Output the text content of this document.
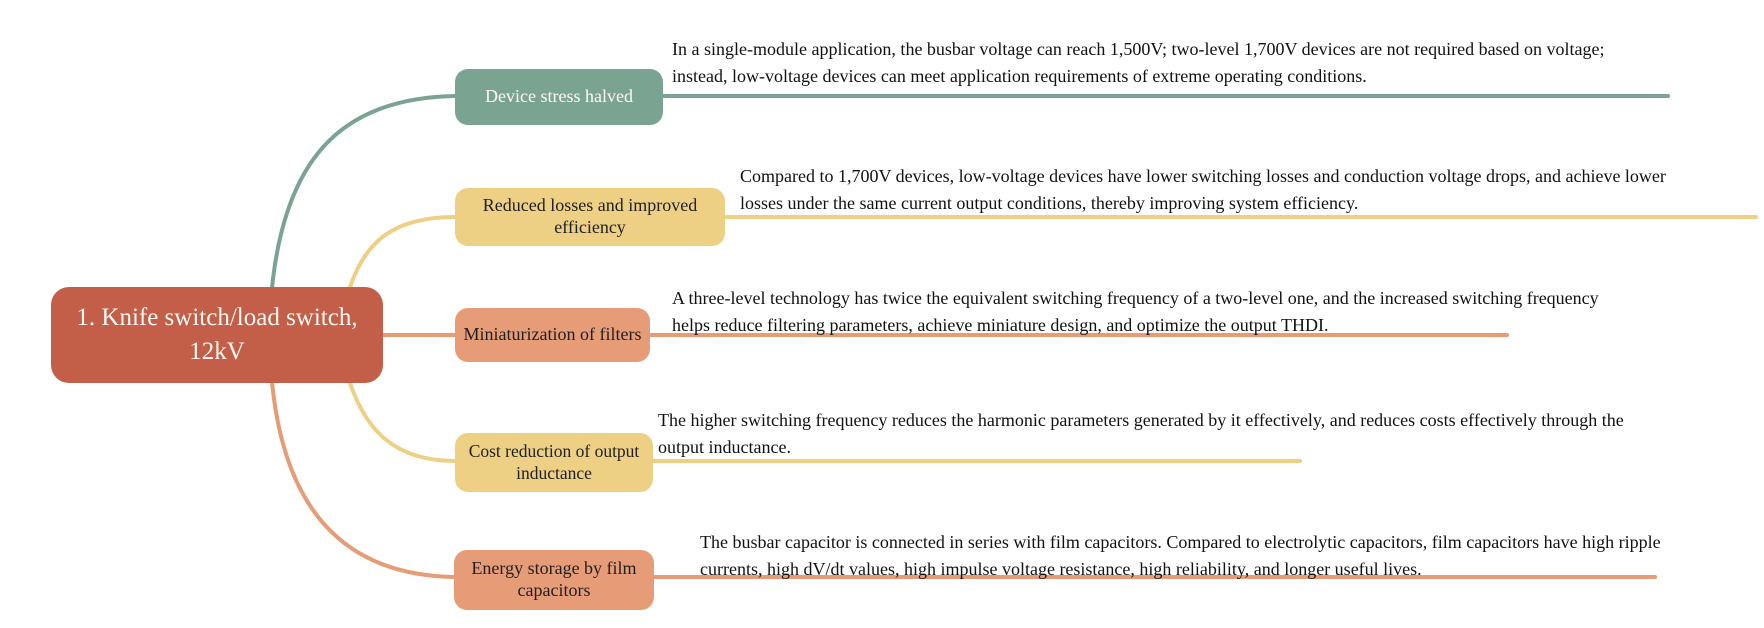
1. Knife switch/load switch, 12kV
Device stress halved
In a single-module application, the busbar voltage can reach 1,500V; two-level 1,700V devices are not required based on voltage; instead, low-voltage devices can meet application requirements of extreme operating conditions.
Reduced losses and improved efficiency
Compared to 1,700V devices, low-voltage devices have lower switching losses and conduction voltage drops, and achieve lower losses under the same current output conditions, thereby improving system efficiency.
Miniaturization of filters
A three-level technology has twice the equivalent switching frequency of a two-level one, and the increased switching frequency helps reduce filtering parameters, achieve miniature design, and optimize the output THDI.
Cost reduction of output inductance
The higher switching frequency reduces the harmonic parameters generated by it effectively, and reduces costs effectively through the output inductance.
Energy storage by film capacitors
The busbar capacitor is connected in series with film capacitors. Compared to electrolytic capacitors, film capacitors have high ripple currents, high dV/dt values, high impulse voltage resistance, high reliability, and longer useful lives.
